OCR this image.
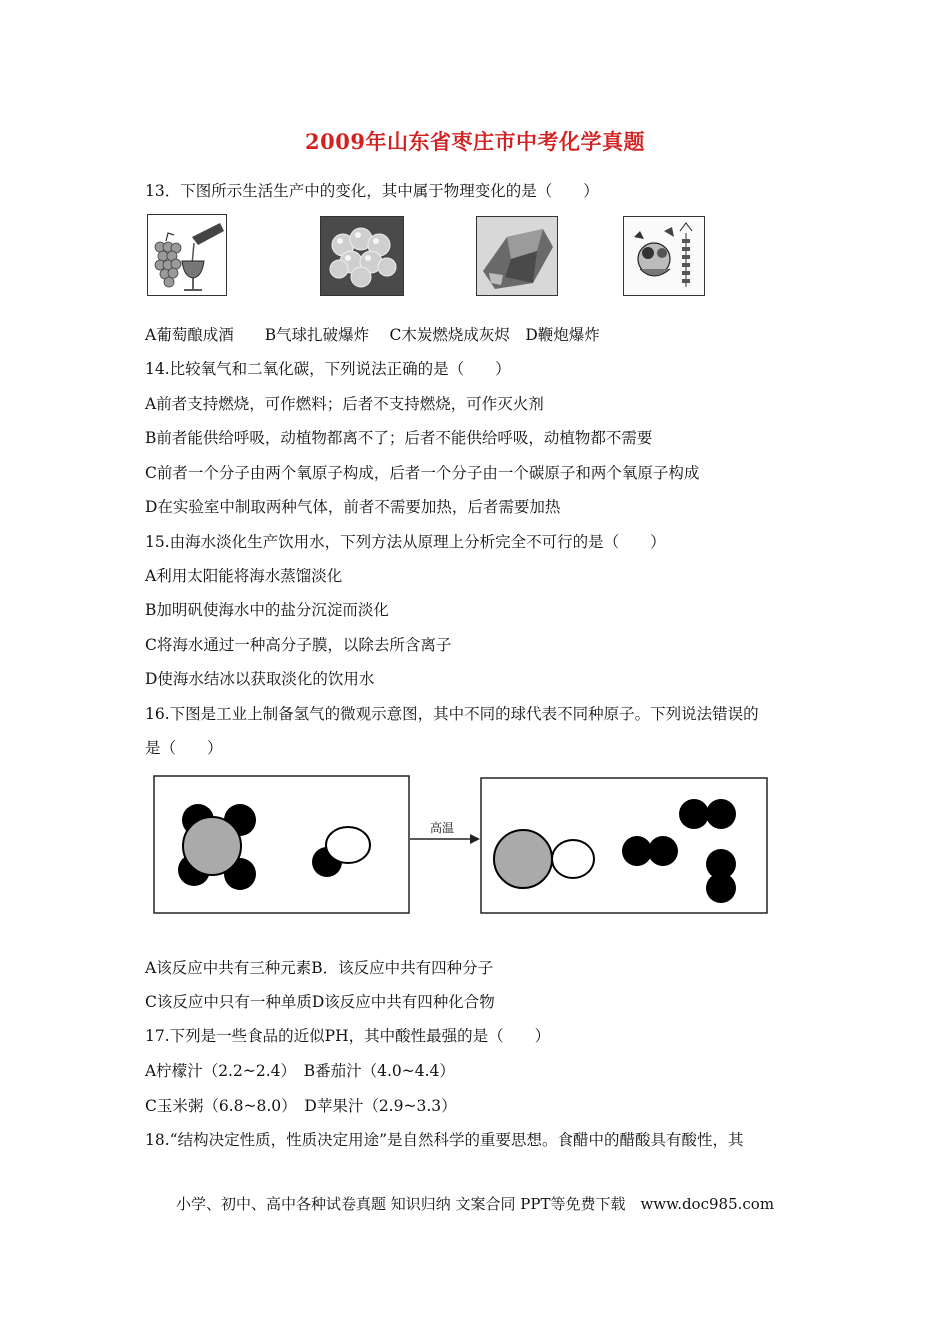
2009年山东省枣庄市中考化学真题
13．下图所示生活生产中的变化，其中属于物理变化的是（　　）
A葡萄酿成酒　　B气球扎破爆炸　 C木炭燃烧成灰烬　D鞭炮爆炸
14.比较氧气和二氧化碳，下列说法正确的是（　　）
A前者支持燃烧，可作燃料；后者不支持燃烧，可作灭火剂
B前者能供给呼吸，动植物都离不了；后者不能供给呼吸，动植物都不需要
C前者一个分子由两个氧原子构成，后者一个分子由一个碳原子和两个氧原子构成
D在实验室中制取两种气体，前者不需要加热，后者需要加热
15.由海水淡化生产饮用水，下列方法从原理上分析完全不可行的是（　　）
A利用太阳能将海水蒸馏淡化
B加明矾使海水中的盐分沉淀而淡化
C将海水通过一种高分子膜，以除去所含离子
D使海水结冰以获取淡化的饮用水
16.下图是工业上制备氢气的微观示意图，其中不同的球代表不同种原子。下列说法错误的
是（　　）
高温
A该反应中共有三种元素B．该反应中共有四种分子
C该反应中只有一种单质D该反应中共有四种化合物
17.下列是一些食品的近似PH，其中酸性最强的是（　　）
A柠檬汁（2.2~2.4）　B番茄汁（4.0~4.4）
C玉米粥（6.8~8.0）　D苹果汁（2.9~3.3）
18.“结构决定性质，性质决定用途”是自然科学的重要思想。食醋中的醋酸具有酸性，其
小学、初中、高中各种试卷真题 知识归纳 文案合同 PPT等免费下载　www.doc985.com
